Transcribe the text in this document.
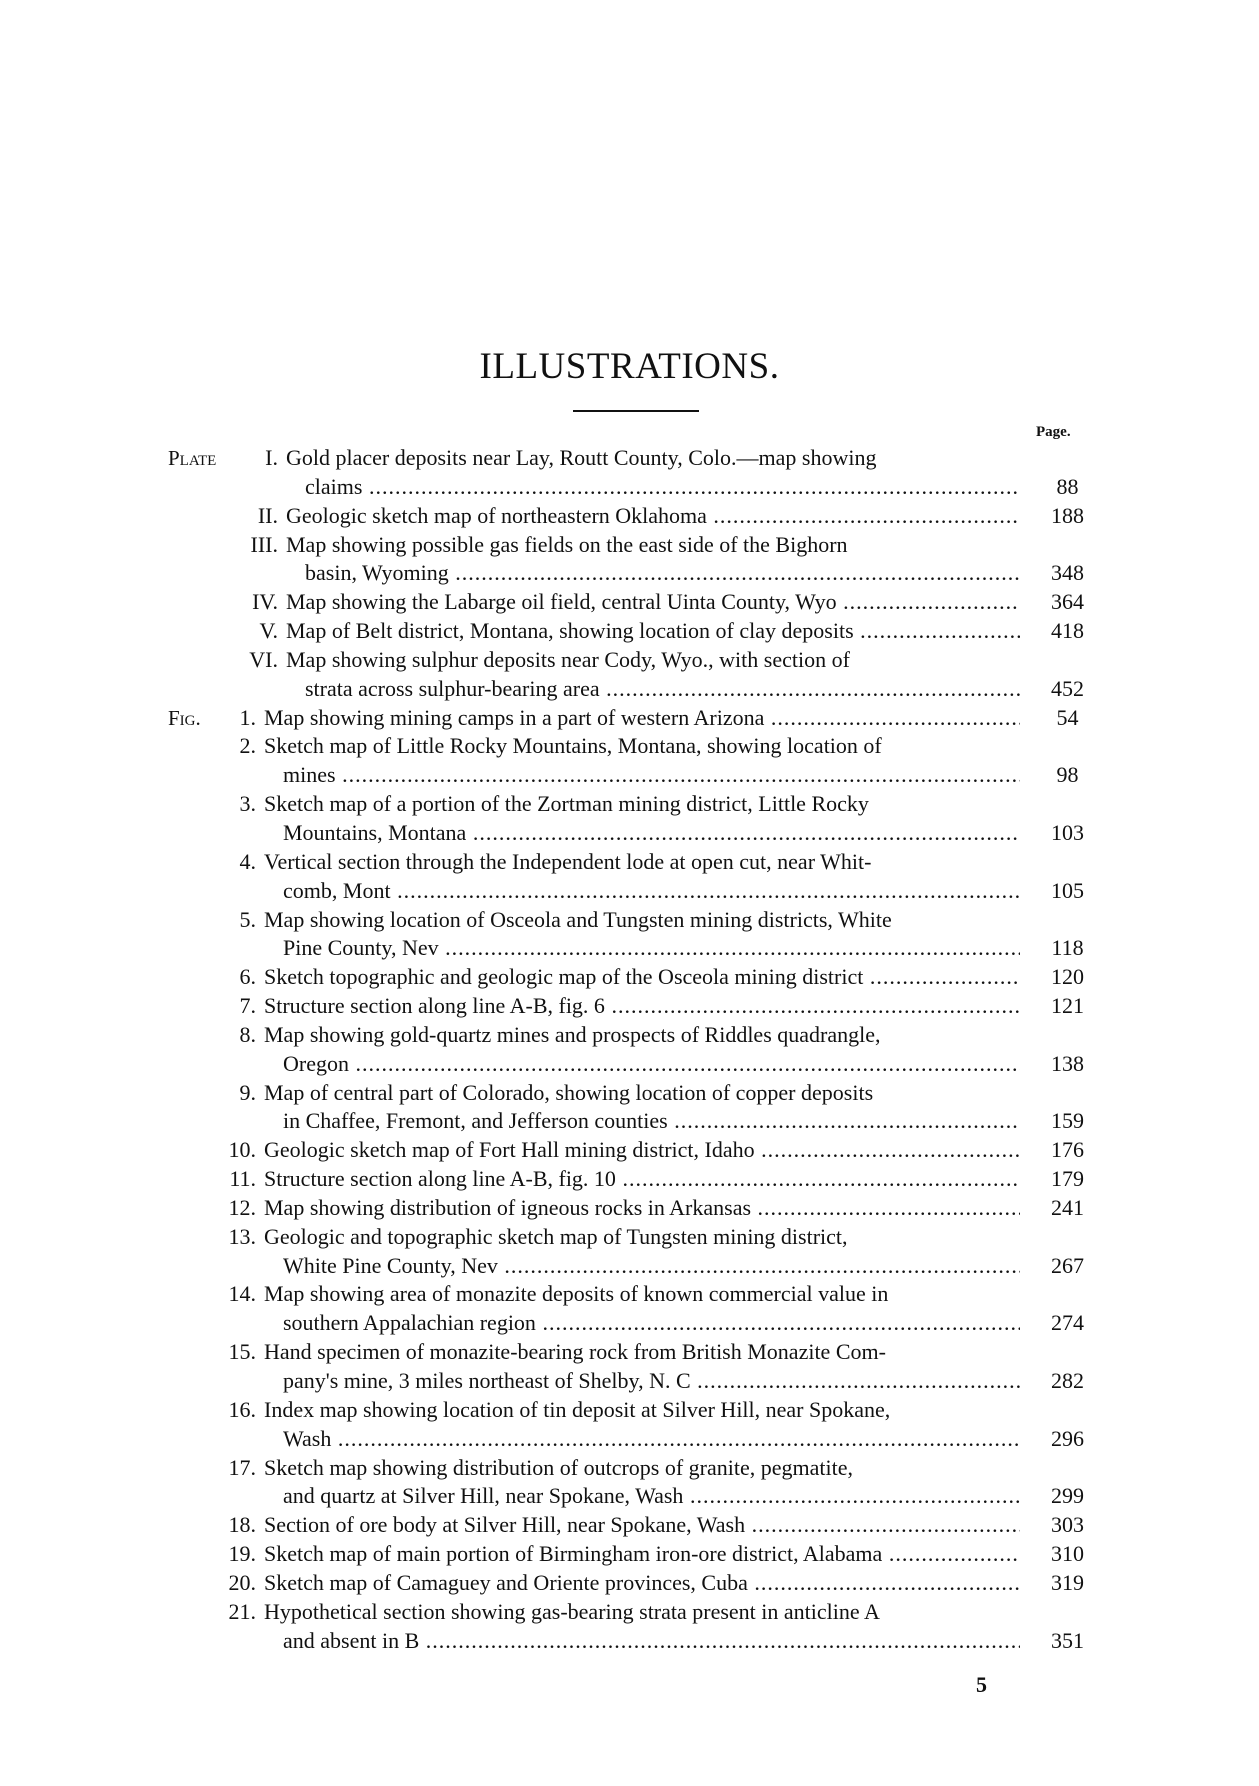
ILLUSTRATIONS.
Page.
Plate I. Gold placer deposits near Lay, Routt County, Colo.—map showing
claims .....	88
II. Geologic sketch map of northeastern Oklahoma .....	188
III. Map showing possible gas fields on the east side of the Bighorn
basin, Wyoming .....	348
IV. Map showing the Labarge oil field, central Uinta County, Wyo .....	364
V. Map of Belt district, Montana, showing location of clay deposits .....	418
VI. Map showing sulphur deposits near Cody, Wyo., with section of
strata across sulphur-bearing area .....	452
Fig. 1. Map showing mining camps in a part of western Arizona .....	54
2. Sketch map of Little Rocky Mountains, Montana, showing location of
mines .....	98
3. Sketch map of a portion of the Zortman mining district, Little Rocky
Mountains, Montana .....	103
4. Vertical section through the Independent lode at open cut, near Whit-
comb, Mont .....	105
5. Map showing location of Osceola and Tungsten mining districts, White
Pine County, Nev .....	118
6. Sketch topographic and geologic map of the Osceola mining district .....	120
7. Structure section along line A-B, fig. 6 .....	121
8. Map showing gold-quartz mines and prospects of Riddles quadrangle,
Oregon .....	138
9. Map of central part of Colorado, showing location of copper deposits
in Chaffee, Fremont, and Jefferson counties .....	159
10. Geologic sketch map of Fort Hall mining district, Idaho .....	176
11. Structure section along line A-B, fig. 10 .....	179
12. Map showing distribution of igneous rocks in Arkansas .....	241
13. Geologic and topographic sketch map of Tungsten mining district,
White Pine County, Nev .....	267
14. Map showing area of monazite deposits of known commercial value in
southern Appalachian region .....	274
15. Hand specimen of monazite-bearing rock from British Monazite Com-
pany's mine, 3 miles northeast of Shelby, N. C .....	282
16. Index map showing location of tin deposit at Silver Hill, near Spokane,
Wash .....	296
17. Sketch map showing distribution of outcrops of granite, pegmatite,
and quartz at Silver Hill, near Spokane, Wash .....	299
18. Section of ore body at Silver Hill, near Spokane, Wash .....	303
19. Sketch map of main portion of Birmingham iron-ore district, Alabama .....	310
20. Sketch map of Camaguey and Oriente provinces, Cuba .....	319
21. Hypothetical section showing gas-bearing strata present in anticline A
and absent in B .....	351
5
